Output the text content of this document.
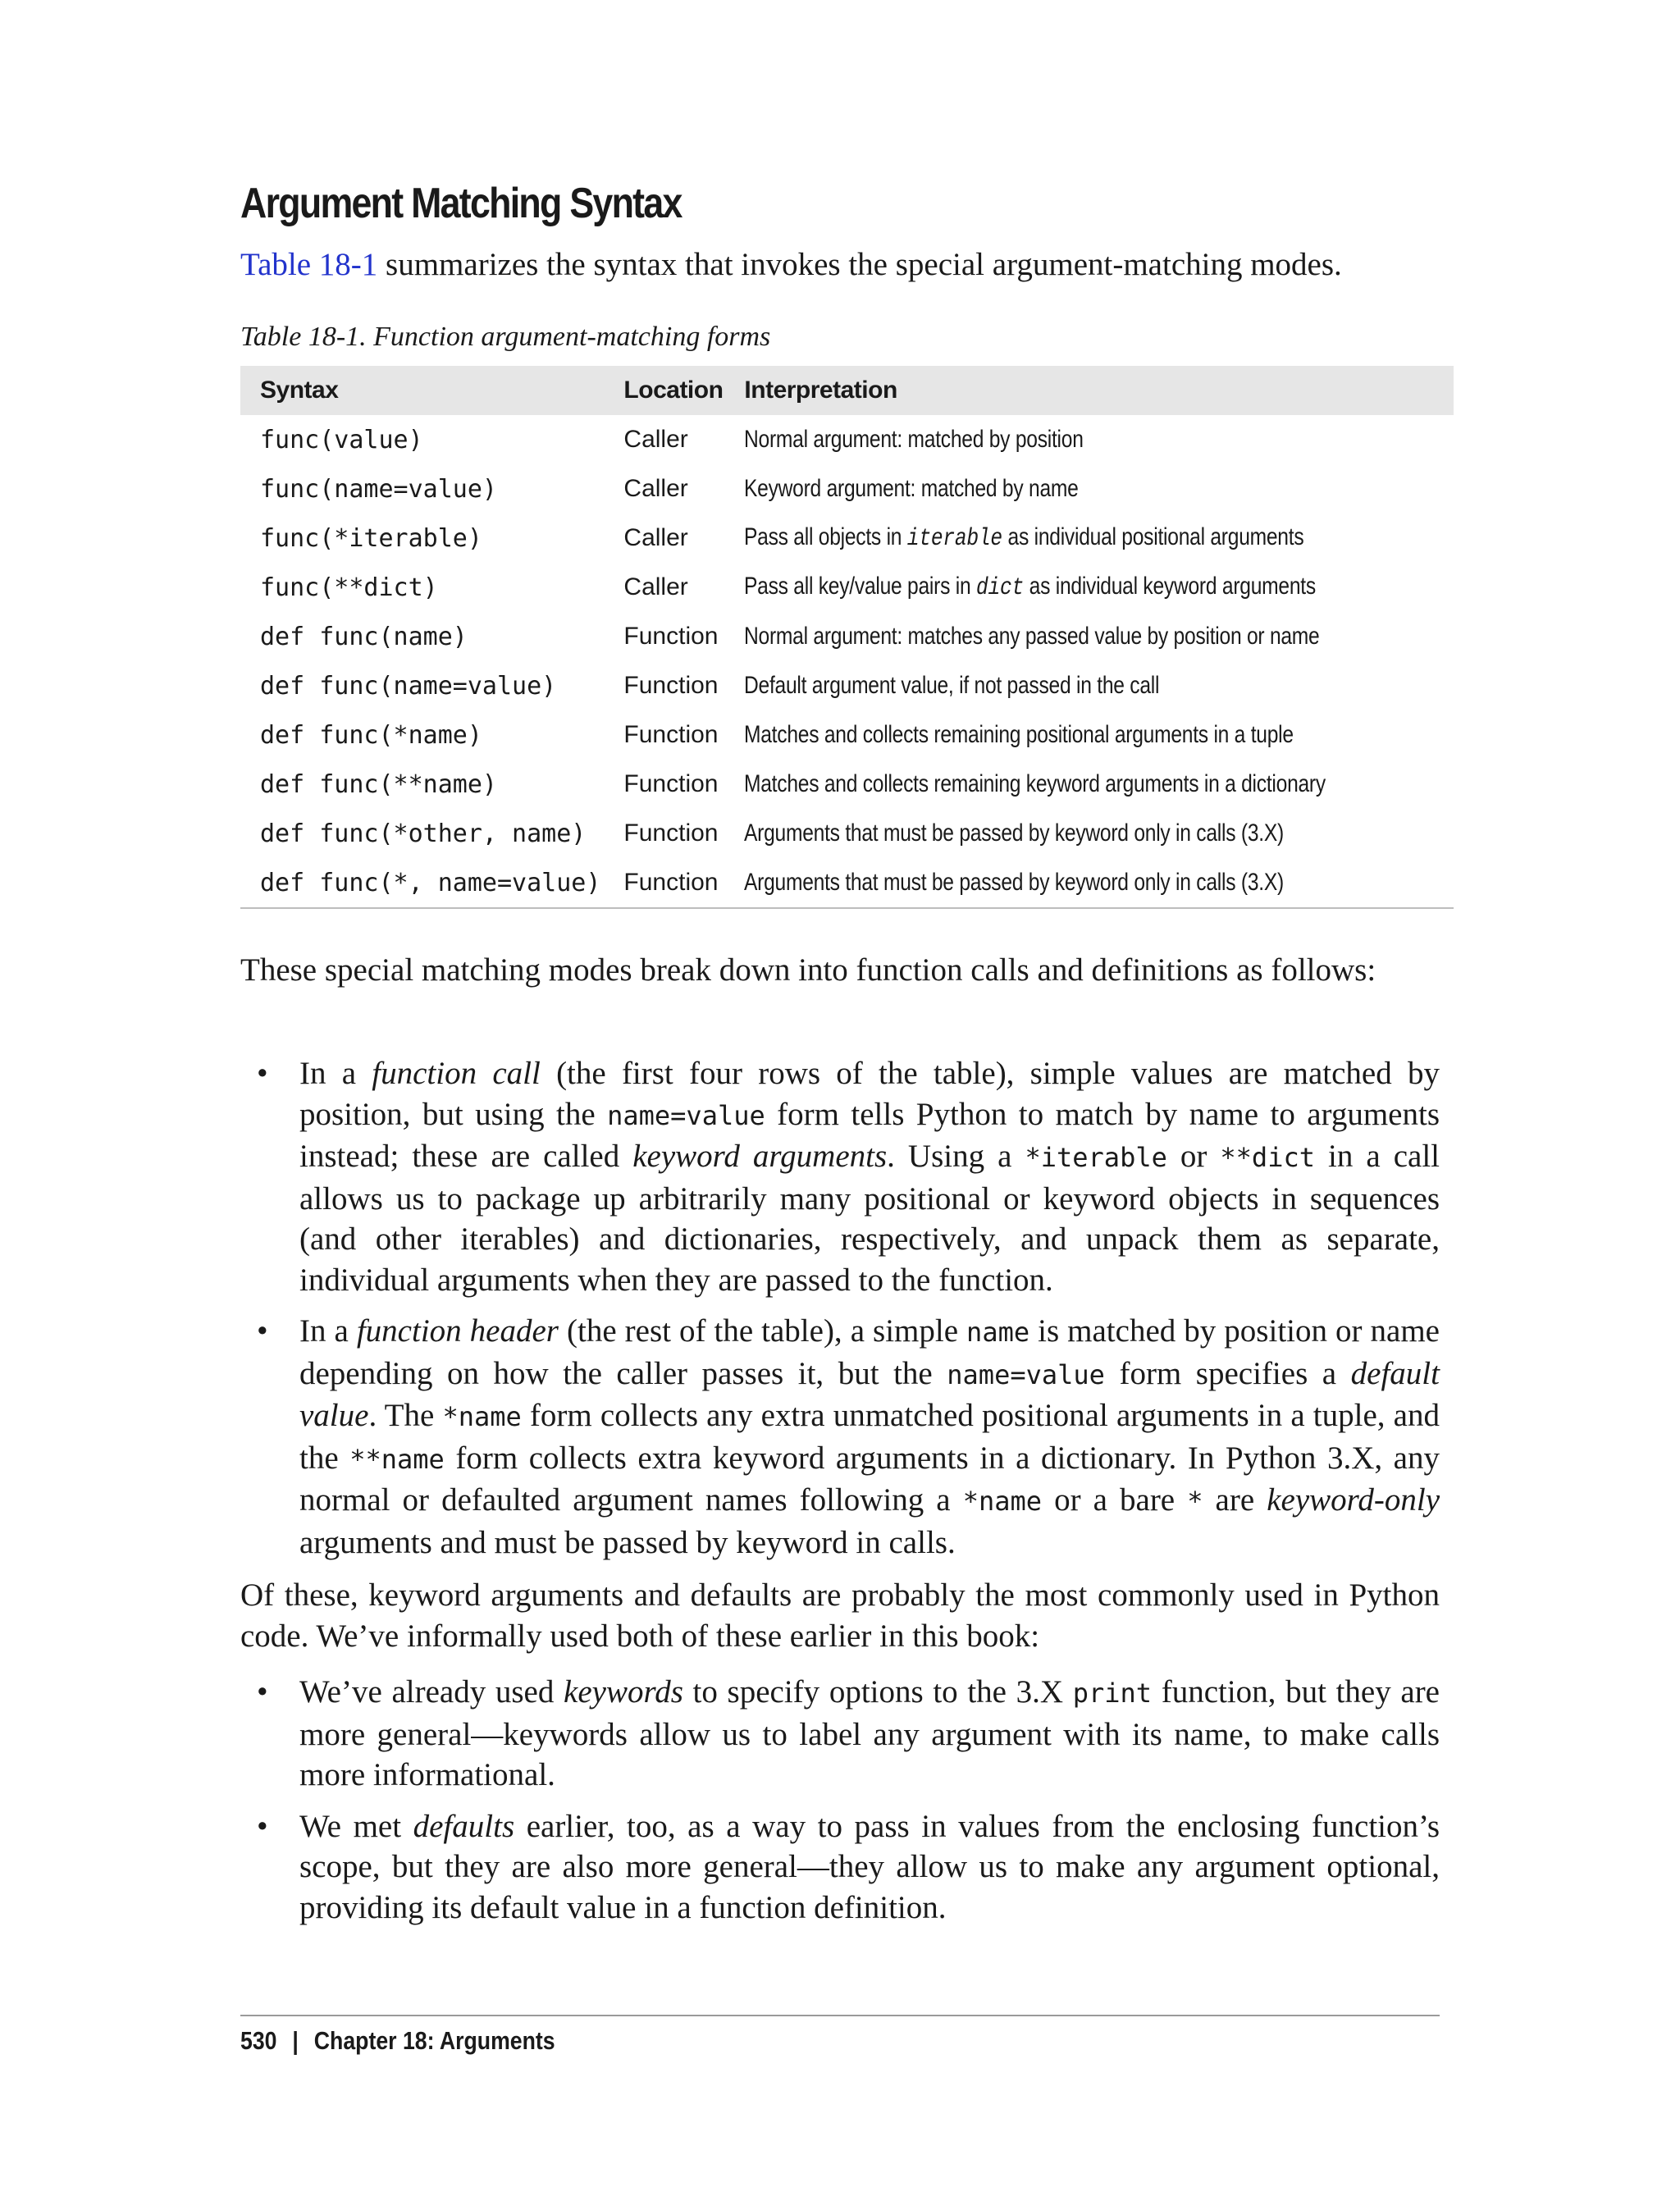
Argument Matching Syntax
Table 18-1 summarizes the syntax that invokes the special argument-matching modes.
Table 18-1. Function argument-matching forms
Syntax	Location	Interpretation
func(value)	Caller	Normal argument: matched by position
func(name=value)	Caller	Keyword argument: matched by name
func(*iterable)	Caller	Pass all objects in iterable as individual positional arguments
func(**dict)	Caller	Pass all key/value pairs in dict as individual keyword arguments
def func(name)	Function	Normal argument: matches any passed value by position or name
def func(name=value)	Function	Default argument value, if not passed in the call
def func(*name)	Function	Matches and collects remaining positional arguments in a tuple
def func(**name)	Function	Matches and collects remaining keyword arguments in a dictionary
def func(*other, name)	Function	Arguments that must be passed by keyword only in calls (3.X)
def func(*, name=value)	Function	Arguments that must be passed by keyword only in calls (3.X)

These special matching modes break down into function calls and definitions as follows:

• In a function call (the first four rows of the table), simple values are matched by position, but using the name=value form tells Python to match by name to arguments instead; these are called keyword arguments. Using a *iterable or **dict in a call allows us to package up arbitrarily many positional or keyword objects in sequences (and other iterables) and dictionaries, respectively, and unpack them as separate, individual arguments when they are passed to the function.
• In a function header (the rest of the table), a simple name is matched by position or name depending on how the caller passes it, but the name=value form specifies a default value. The *name form collects any extra unmatched positional arguments in a tuple, and the **name form collects extra keyword arguments in a dictionary. In Python 3.X, any normal or defaulted argument names following a *name or a bare * are keyword-only arguments and must be passed by keyword in calls.

Of these, keyword arguments and defaults are probably the most commonly used in Python code. We’ve informally used both of these earlier in this book:

• We’ve already used keywords to specify options to the 3.X print function, but they are more general—keywords allow us to label any argument with its name, to make calls more informational.
• We met defaults earlier, too, as a way to pass in values from the enclosing function’s scope, but they are also more general—they allow us to make any argument optional, providing its default value in a function definition.
530 | Chapter 18: Arguments
